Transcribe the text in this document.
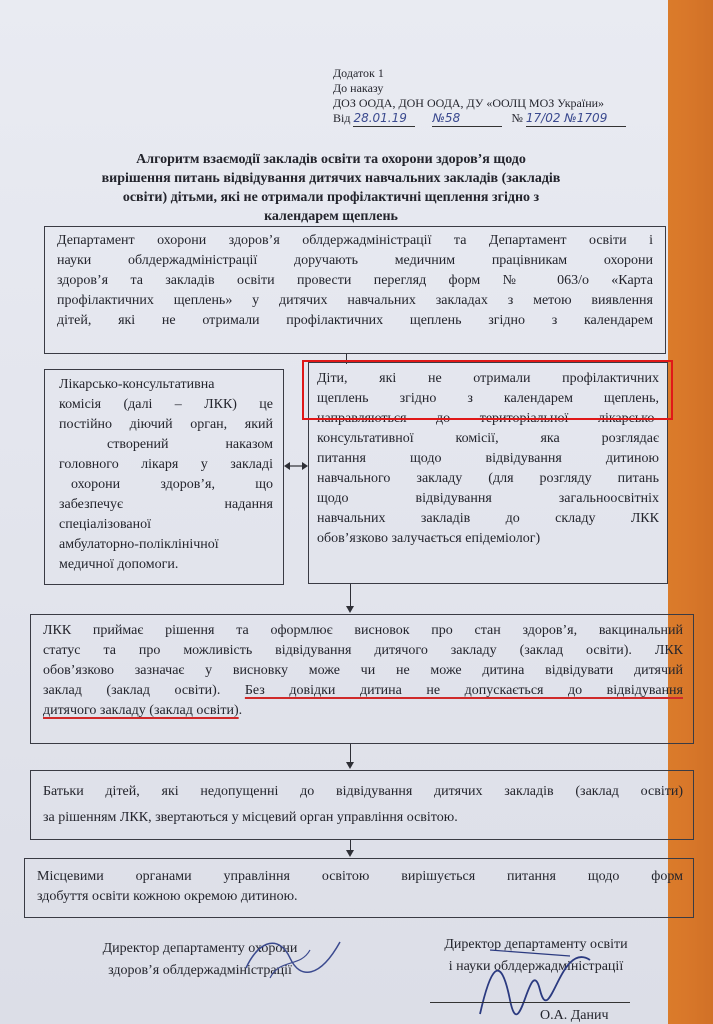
Додаток 1
До наказу
ДОЗ ООДА, ДОН ООДА, ДУ «ООЛЦ МОЗ України»
Від 28.01.19 №58	№ 17/02 №1709
Алгоритм взаємодії закладів освіти та охорони здоров’я щодо
вирішення питань відвідування дитячих навчальних закладів (закладів
освіти) дітьми, які не отримали профілактичні щеплення згідно з
календарем щеплень
Департамент охорони здоров’я облдержадміністрації та Департамент освіти і
науки облдержадміністрації доручають медичним працівникам охорони
здоров’я та закладів освіти провести перегляд форм № 063/о «Карта
профілактичних щеплень» у дитячих навчальних закладах з метою виявлення
дітей, які не отримали профілактичних щеплень згідно з календарем
Лікарсько-консультативна
комісія (далі – ЛКК) це
постійно діючий орган, який
створений наказом
головного лікаря у закладі
охорони здоров’я, що
забезпечує надання
спеціалізованої
амбулаторно-поліклінічної
медичної допомоги.
Діти, які не отримали профілактичних
щеплень згідно з календарем щеплень,
направляються до територіальної лікарсько-
консультативної комісії, яка розглядає
питання щодо відвідування дитиною
навчального закладу (для розгляду питань
щодо відвідування загальноосвітніх
навчальних закладів до складу ЛКК
обов’язково залучається епідеміолог)
ЛКК приймає рішення та оформлює висновок про стан здоров’я, вакцинальний
статус та про можливість відвідування дитячого закладу (заклад освіти). ЛКК
обов’язково зазначає у висновку може чи не може дитина відвідувати дитячий
заклад (заклад освіти). Без довідки дитина не допускається до відвідування
дитячого закладу (заклад освіти).
Батьки дітей, які недопущенні до відвідування дитячих закладів (заклад освіти)
за рішенням ЛКК, звертаються у місцевий орган управління освітою.
Місцевими органами управління освітою вирішується питання щодо форм
здобуття освіти кожною окремою дитиною.
Директор департаменту охорони
здоров’я облдержадміністрації
Директор департаменту освіти
і науки облдержадміністрації
О.А. Данич
